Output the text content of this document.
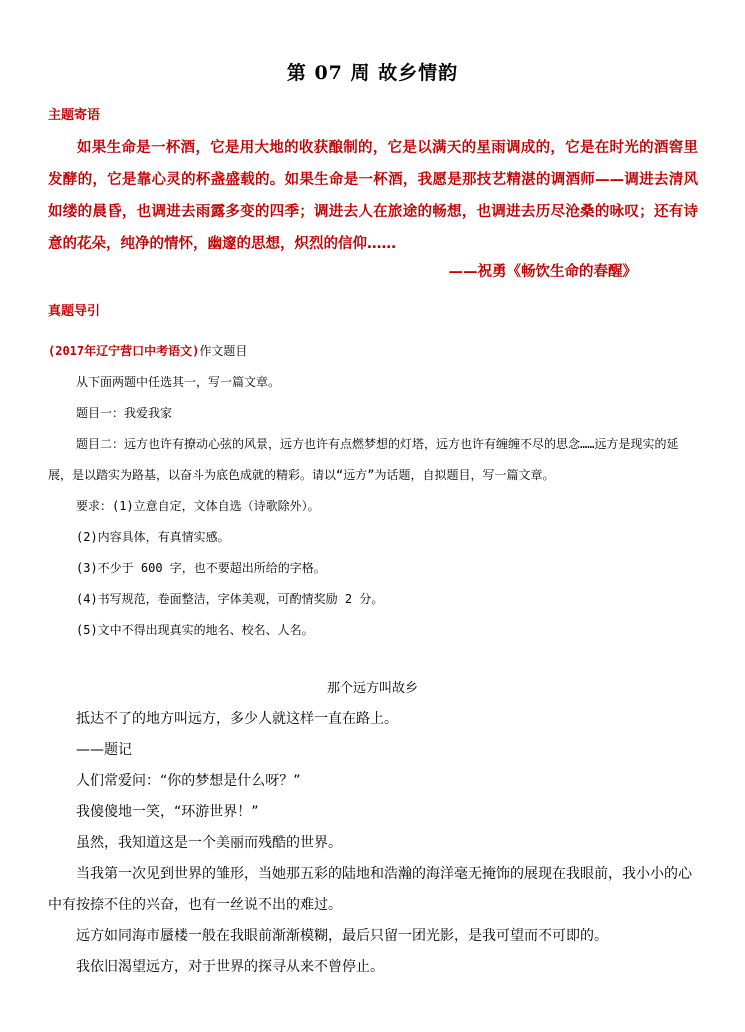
第 07 周 故乡情韵
主题寄语

如果生命是一杯酒，它是用大地的收获酿制的，它是以满天的星雨调成的，它是在时光的酒窖里发酵的，它是靠心灵的杯盏盛载的。如果生命是一杯酒，我愿是那技艺精湛的调酒师——调进去清风如缕的晨昏，也调进去雨露多变的四季；调进去人在旅途的畅想，也调进去历尽沧桑的咏叹；还有诗意的花朵，纯净的情怀，幽邃的思想，炽烈的信仰……

——祝勇《畅饮生命的春醒》
真题导引

(2017年辽宁营口中考语文)作文题目

从下面两题中任选其一，写一篇文章。

题目一：我爱我家

题目二：远方也许有撩动心弦的风景，远方也许有点燃梦想的灯塔，远方也许有缠缠不尽的思念……远方是现实的延展，是以踏实为路基，以奋斗为底色成就的精彩。请以“远方”为话题，自拟题目，写一篇文章。

要求：(1)立意自定，文体自选（诗歌除外）。

(2)内容具体，有真情实感。

(3)不少于 600 字，也不要超出所给的字格。

(4)书写规范，卷面整洁，字体美观，可酌情奖励 2 分。

(5)文中不得出现真实的地名、校名、人名。

那个远方叫故乡

抵达不了的地方叫远方，多少人就这样一直在路上。

——题记

人们常爱问：“你的梦想是什么呀？”

我傻傻地一笑，“环游世界！”

虽然，我知道这是一个美丽而残酷的世界。

当我第一次见到世界的雏形，当她那五彩的陆地和浩瀚的海洋毫无掩饰的展现在我眼前，我小小的心中有按捺不住的兴奋，也有一丝说不出的难过。

远方如同海市蜃楼一般在我眼前渐渐模糊，最后只留一团光影，是我可望而不可即的。

我依旧渴望远方，对于世界的探寻从来不曾停止。
